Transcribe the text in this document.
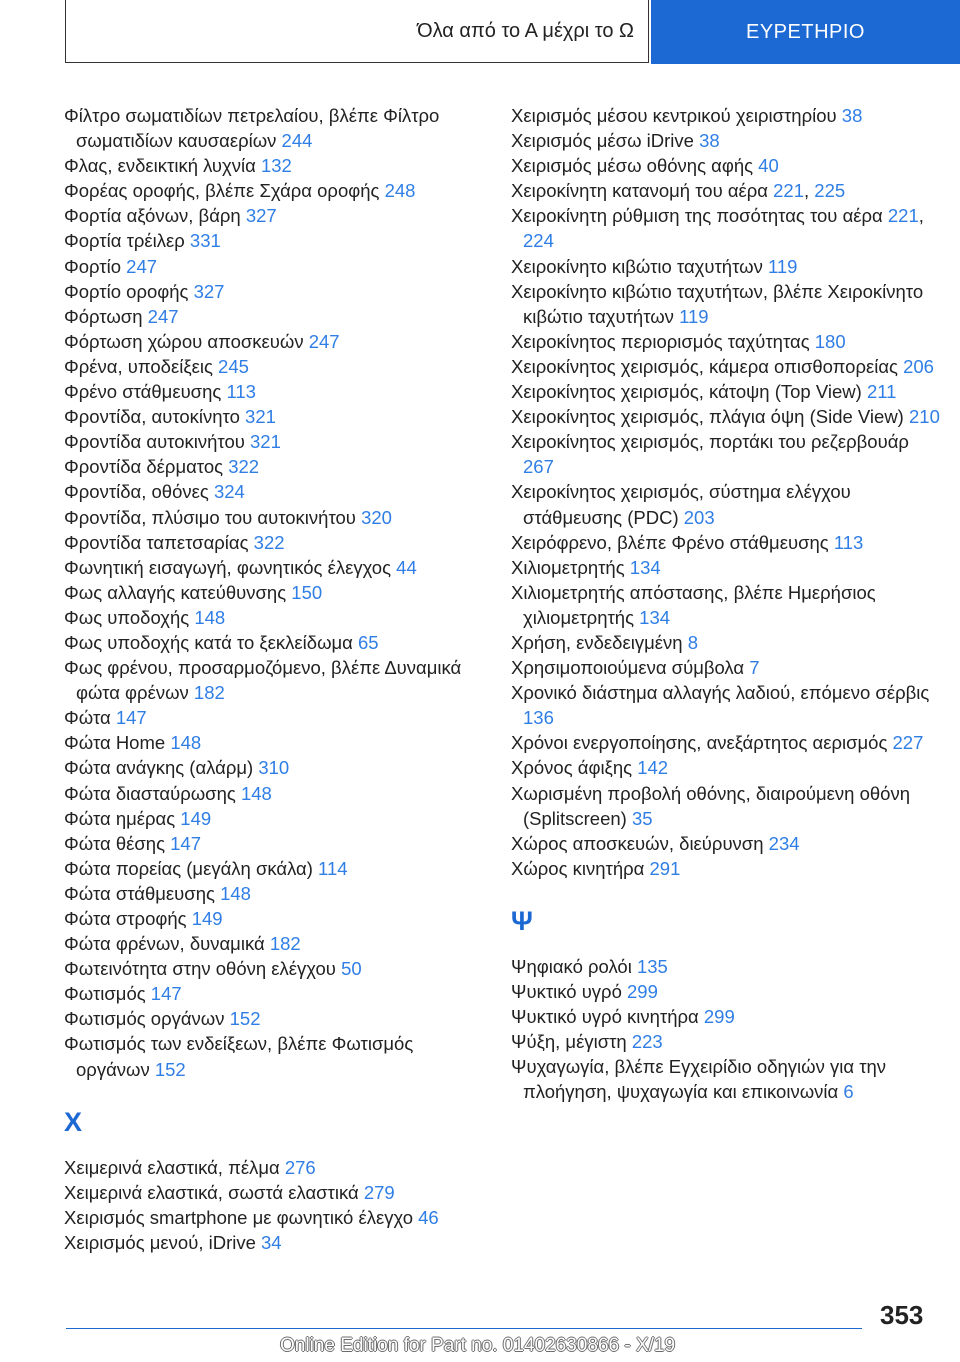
Όλα από το Α μέχρι το Ω	ΕΥΡΕΤΗΡΙΟ
Φίλτρο σωματιδίων πετρελαίου, βλέπε Φίλτρο σωματιδίων καυσαερίων 244
Φλας, ενδεικτική λυχνία 132
Φορέας οροφής, βλέπε Σχάρα οροφής 248
Φορτία αξόνων, βάρη 327
Φορτία τρέιλερ 331
Φορτίο 247
Φορτίο οροφής 327
Φόρτωση 247
Φόρτωση χώρου αποσκευών 247
Φρένα, υποδείξεις 245
Φρένο στάθμευσης 113
Φροντίδα, αυτοκίνητο 321
Φροντίδα αυτοκινήτου 321
Φροντίδα δέρματος 322
Φροντίδα, οθόνες 324
Φροντίδα, πλύσιμο του αυτοκινήτου 320
Φροντίδα ταπετσαρίας 322
Φωνητική εισαγωγή, φωνητικός έλεγχος 44
Φως αλλαγής κατεύθυνσης 150
Φως υποδοχής 148
Φως υποδοχής κατά το ξεκλείδωμα 65
Φως φρένου, προσαρμοζόμενο, βλέπε Δυναμικά φώτα φρένων 182
Φώτα 147
Φώτα Home 148
Φώτα ανάγκης (αλάρμ) 310
Φώτα διασταύρωσης 148
Φώτα ημέρας 149
Φώτα θέσης 147
Φώτα πορείας (μεγάλη σκάλα) 114
Φώτα στάθμευσης 148
Φώτα στροφής 149
Φώτα φρένων, δυναμικά 182
Φωτεινότητα στην οθόνη ελέγχου 50
Φωτισμός 147
Φωτισμός οργάνων 152
Φωτισμός των ενδείξεων, βλέπε Φωτισμός οργάνων 152
Χ
Χειμερινά ελαστικά, πέλμα 276
Χειμερινά ελαστικά, σωστά ελαστικά 279
Χειρισμός smartphone με φωνητικό έλεγχο 46
Χειρισμός μενού, iDrive 34
Χειρισμός μέσου κεντρικού χειριστηρίου 38
Χειρισμός μέσω iDrive 38
Χειρισμός μέσω οθόνης αφής 40
Χειροκίνητη κατανομή του αέρα 221, 225
Χειροκίνητη ρύθμιση της ποσότητας του αέρα 221, 224
Χειροκίνητο κιβώτιο ταχυτήτων 119
Χειροκίνητο κιβώτιο ταχυτήτων, βλέπε Χειροκίνητο κιβώτιο ταχυτήτων 119
Χειροκίνητος περιορισμός ταχύτητας 180
Χειροκίνητος χειρισμός, κάμερα οπισθοπορείας 206
Χειροκίνητος χειρισμός, κάτοψη (Top View) 211
Χειροκίνητος χειρισμός, πλάγια όψη (Side View) 210
Χειροκίνητος χειρισμός, πορτάκι του ρεζερβουάρ 267
Χειροκίνητος χειρισμός, σύστημα ελέγχου στάθμευσης (PDC) 203
Χειρόφρενο, βλέπε Φρένο στάθμευσης 113
Χιλιομετρητής 134
Χιλιομετρητής απόστασης, βλέπε Ημερήσιος χιλιομετρητής 134
Χρήση, ενδεδειγμένη 8
Χρησιμοποιούμενα σύμβολα 7
Χρονικό διάστημα αλλαγής λαδιού, επόμενο σέρβις 136
Χρόνοι ενεργοποίησης, ανεξάρτητος αερισμός 227
Χρόνος άφιξης 142
Χωρισμένη προβολή οθόνης, διαιρούμενη οθόνη (Splitscreen) 35
Χώρος αποσκευών, διεύρυνση 234
Χώρος κινητήρα 291
Ψ
Ψηφιακό ρολόι 135
Ψυκτικό υγρό 299
Ψυκτικό υγρό κινητήρα 299
Ψύξη, μέγιστη 223
Ψυχαγωγία, βλέπε Εγχειρίδιο οδηγιών για την πλοήγηση, ψυχαγωγία και επικοινωνία 6
353
Online Edition for Part no. 01402630866 - X/19
